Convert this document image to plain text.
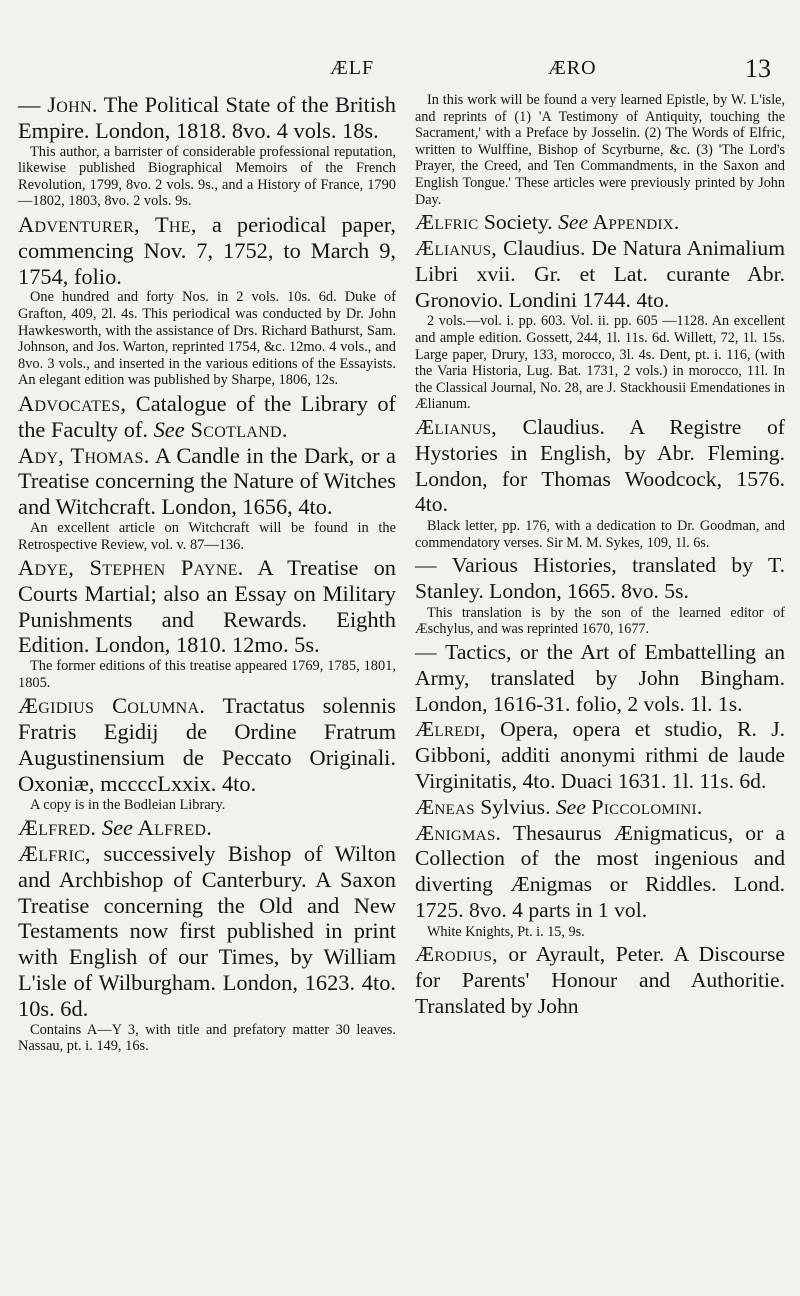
ÆLF	ÆRO	13

— John. The Political State of the British Empire. London, 1818. 8vo. 4 vols. 18s.

This author, a barrister of considerable professional reputation, likewise published Biographical Memoirs of the French Revolution, 1799, 8vo. 2 vols. 9s., and a History of France, 1790—1802, 1803, 8vo. 2 vols. 9s.

Adventurer, The, a periodical paper, commencing Nov. 7, 1752, to March 9, 1754, folio.

One hundred and forty Nos. in 2 vols. 10s. 6d. Duke of Grafton, 409, 2l. 4s. This periodical was conducted by Dr. John Hawkesworth, with the assistance of Drs. Richard Bathurst, Sam. Johnson, and Jos. Warton, reprinted 1754, &c. 12mo. 4 vols., and 8vo. 3 vols., and inserted in the various editions of the Essayists. An elegant edition was published by Sharpe, 1806, 12s.

Advocates, Catalogue of the Library of the Faculty of. See Scotland.

Ady, Thomas. A Candle in the Dark, or a Treatise concerning the Nature of Witches and Witchcraft. London, 1656, 4to.

An excellent article on Witchcraft will be found in the Retrospective Review, vol. v. 87—136.

Adye, Stephen Payne. A Treatise on Courts Martial; also an Essay on Military Punishments and Rewards. Eighth Edition. London, 1810. 12mo. 5s.

The former editions of this treatise appeared 1769, 1785, 1801, 1805.

Ægidius Columna. Tractatus solennis Fratris Egidij de Ordine Fratrum Augustinensium de Peccato Originali. Oxoniæ, mccccLxxix. 4to.

A copy is in the Bodleian Library.

Ælfred. See Alfred.

Ælfric, successively Bishop of Wilton and Archbishop of Canterbury. A Saxon Treatise concerning the Old and New Testaments now first published in print with English of our Times, by William L'isle of Wilburgham. London, 1623. 4to. 10s. 6d.

Contains A—Y 3, with title and prefatory matter 30 leaves. Nassau, pt. i. 149, 16s.

In this work will be found a very learned Epistle, by W. L'isle, and reprints of (1) 'A Testimony of Antiquity, touching the Sacrament,' with a Preface by Josselin. (2) The Words of Elfric, written to Wulffine, Bishop of Scyrburne, &c. (3) 'The Lord's Prayer, the Creed, and Ten Commandments, in the Saxon and English Tongue.' These articles were previously printed by John Day.

Ælfric Society. See Appendix.

Ælianus, Claudius. De Natura Animalium Libri xvii. Gr. et Lat. curante Abr. Gronovio. Londini 1744. 4to.

2 vols.—vol. i. pp. 603. Vol. ii. pp. 605 —1128. An excellent and ample edition. Gossett, 244, 1l. 11s. 6d. Willett, 72, 1l. 15s. Large paper, Drury, 133, morocco, 3l. 4s. Dent, pt. i. 116, (with the Varia Historia, Lug. Bat. 1731, 2 vols.) in morocco, 11l. In the Classical Journal, No. 28, are J. Stackhousii Emendationes in Ælianum.

Ælianus, Claudius. A Registre of Hystories in English, by Abr. Fleming. London, for Thomas Woodcock, 1576. 4to.

Black letter, pp. 176, with a dedication to Dr. Goodman, and commendatory verses. Sir M. M. Sykes, 109, 1l. 6s.

— Various Histories, translated by T. Stanley. London, 1665. 8vo. 5s.

This translation is by the son of the learned editor of Æschylus, and was reprinted 1670, 1677.

— Tactics, or the Art of Embattelling an Army, translated by John Bingham. London, 1616-31. folio, 2 vols. 1l. 1s.

Ælredi, Opera, opera et studio, R. J. Gibboni, additi anonymi rithmi de laude Virginitatis, 4to. Duaci 1631. 1l. 11s. 6d.

Æneas Sylvius. See Piccolomini.

Ænigmas. Thesaurus Ænigmaticus, or a Collection of the most ingenious and diverting Ænigmas or Riddles. Lond. 1725. 8vo. 4 parts in 1 vol.

White Knights, Pt. i. 15, 9s.

Ærodius, or Ayrault, Peter. A Discourse for Parents' Honour and Authoritie. Translated by John
